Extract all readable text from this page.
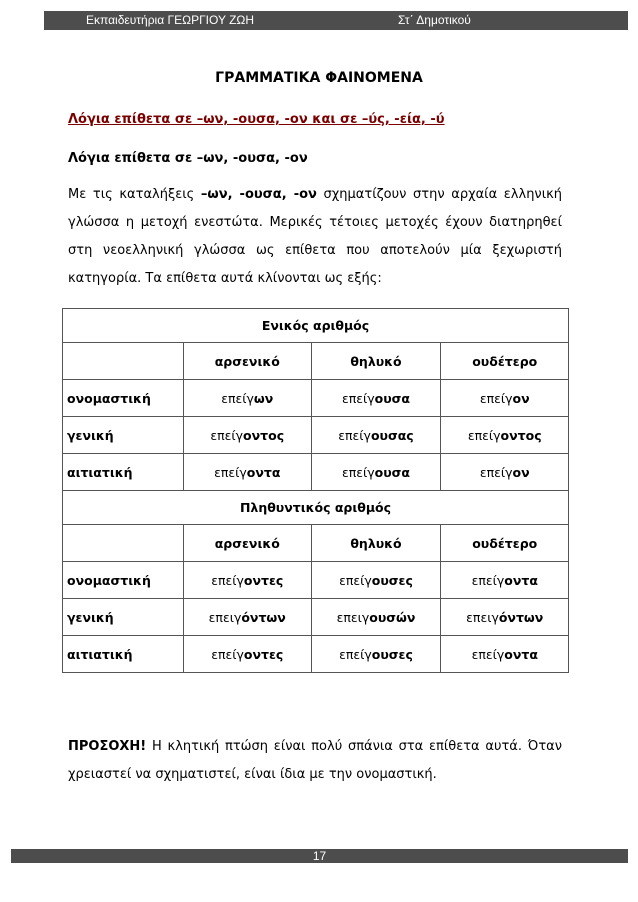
Εκπαιδευτήρια ΓΕΩΡΓΙΟΥ ΖΩΗ	Στ΄ Δημοτικού
ΓΡΑΜΜΑΤΙΚΑ ΦΑΙΝΟΜΕΝΑ
Λόγια επίθετα σε –ων, -ουσα, -ον και σε –ύς, -εία, -ύ
Λόγια επίθετα σε –ων, -ουσα, -ον
Με τις καταλήξεις –ων, -ουσα, -ον σχηματίζουν στην αρχαία ελληνική γλώσσα η μετοχή ενεστώτα. Μερικές τέτοιες μετοχές έχουν διατηρηθεί στη νεοελληνική γλώσσα ως επίθετα που αποτελούν μία ξεχωριστή κατηγορία. Τα επίθετα αυτά κλίνονται ως εξής:
Ενικός αριθμός			
	αρσενικό	θηλυκό	ουδέτερο
ονομαστική	επείγων	επείγουσα	επείγον
γενική	επείγοντος	επείγουσας	επείγοντος
αιτιατική	επείγοντα	επείγουσα	επείγον
Πληθυντικός αριθμός			
	αρσενικό	θηλυκό	ουδέτερο
ονομαστική	επείγοντες	επείγουσες	επείγοντα
γενική	επειγόντων	επειγουσών	επειγόντων
αιτιατική	επείγοντες	επείγουσες	επείγοντα
ΠΡΟΣΟΧΗ! Η κλητική πτώση είναι πολύ σπάνια στα επίθετα αυτά. Όταν χρειαστεί να σχηματιστεί, είναι ίδια με την ονομαστική.
17
